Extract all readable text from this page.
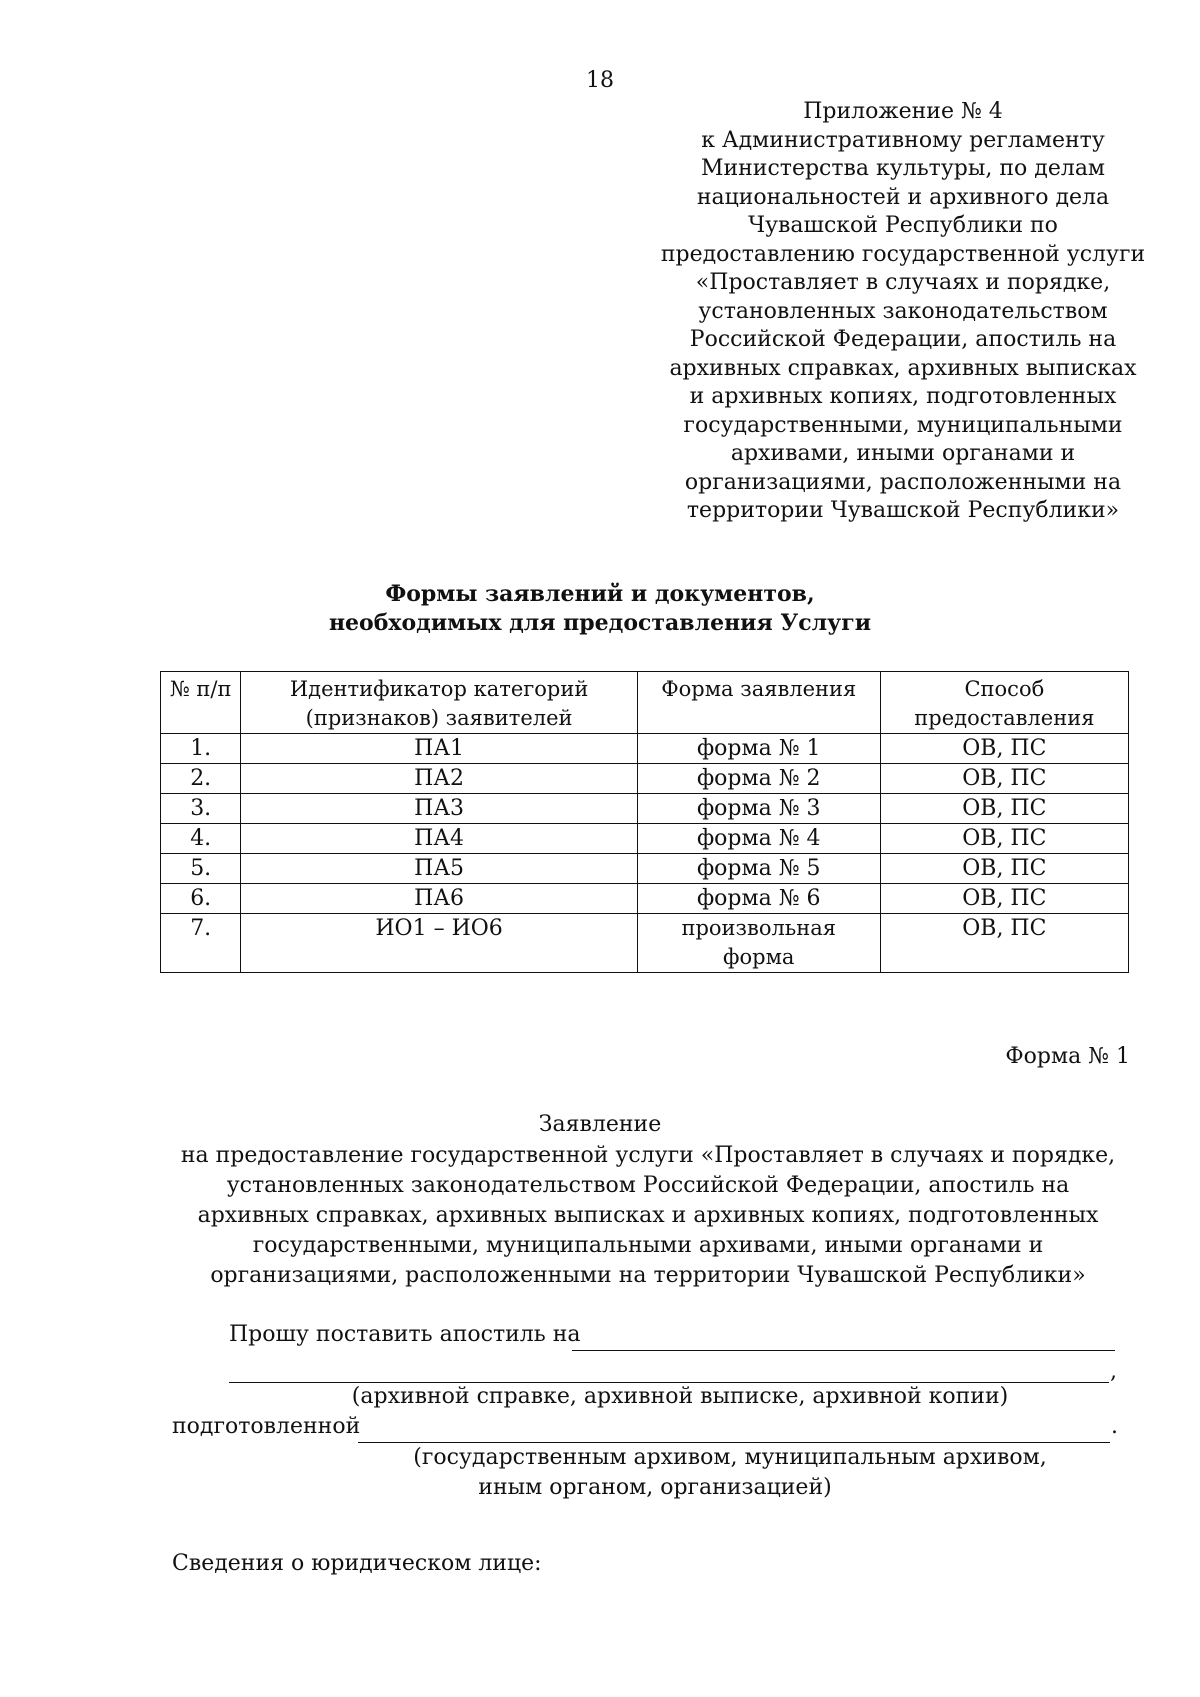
18
Приложение № 4
к Административному регламенту
Министерства культуры, по делам
национальностей и архивного дела
Чувашской Республики по
предоставлению государственной услуги
«Проставляет в случаях и порядке,
установленных законодательством
Российской Федерации, апостиль на
архивных справках, архивных выписках
и архивных копиях, подготовленных
государственными, муниципальными
архивами, иными органами и
организациями, расположенными на
территории Чувашской Республики»
Формы заявлений и документов,
необходимых для предоставления Услуги
№ п/п	Идентификатор категорий (признаков) заявителей	Форма заявления	Способ предоставления
1.	ПА1	форма № 1	ОВ, ПС
2.	ПА2	форма № 2	ОВ, ПС
3.	ПА3	форма № 3	ОВ, ПС
4.	ПА4	форма № 4	ОВ, ПС
5.	ПА5	форма № 5	ОВ, ПС
6.	ПА6	форма № 6	ОВ, ПС
7.	ИО1 – ИО6	произвольная форма	ОВ, ПС
Форма № 1
Заявление
на предоставление государственной услуги «Проставляет в случаях и порядке, установленных законодательством Российской Федерации, апостиль на архивных справках, архивных выписках и архивных копиях, подготовленных государственными, муниципальными архивами, иными органами и организациями, расположенными на территории Чувашской Республики»
Прошу поставить апостиль на
,
(архивной справке, архивной выписке, архивной копии)
подготовленной	.
(государственным архивом, муниципальным архивом,
иным органом, организацией)
Сведения о юридическом лице:
